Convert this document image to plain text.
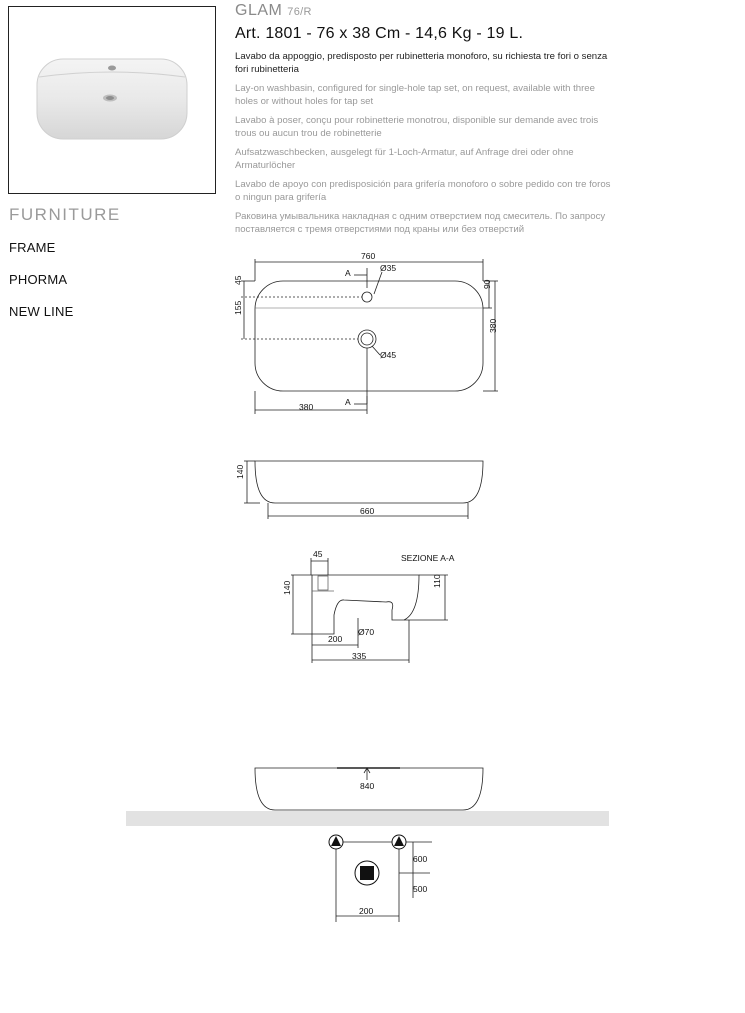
FURNITURE
FRAME
PHORMA
NEW LINE
GLAM 76/R
Art. 1801 - 76 x 38 Cm - 14,6 Kg - 19 L.
Lavabo da appoggio, predisposto per rubinetteria monoforo, su richiesta tre fori o senza fori rubinetteria
Lay-on washbasin, configured for single-hole tap set, on request, available with three holes or without holes for tap set
Lavabo à poser, conçu pour robinetterie monotrou, disponible sur demande avec trois trous ou aucun trou de robinetterie
Aufsatzwaschbecken, ausgelegt für 1-Loch-Armatur, auf Anfrage drei oder ohne Armaturlöcher
Lavabo de apoyo con predisposición para grifería monoforo o sobre pedido con tre foros o ningun para grifería
Раковина умывальника накладная с одним отверстием под смеситель. По запросу поставляется с тремя отверстиями под краны или без отверстий
760
Ø35
A
45
155
90
380
Ø45
380	A
140
660
SEZIONE A-A
45
140	110
Ø70
200
335
840
600
500
200
